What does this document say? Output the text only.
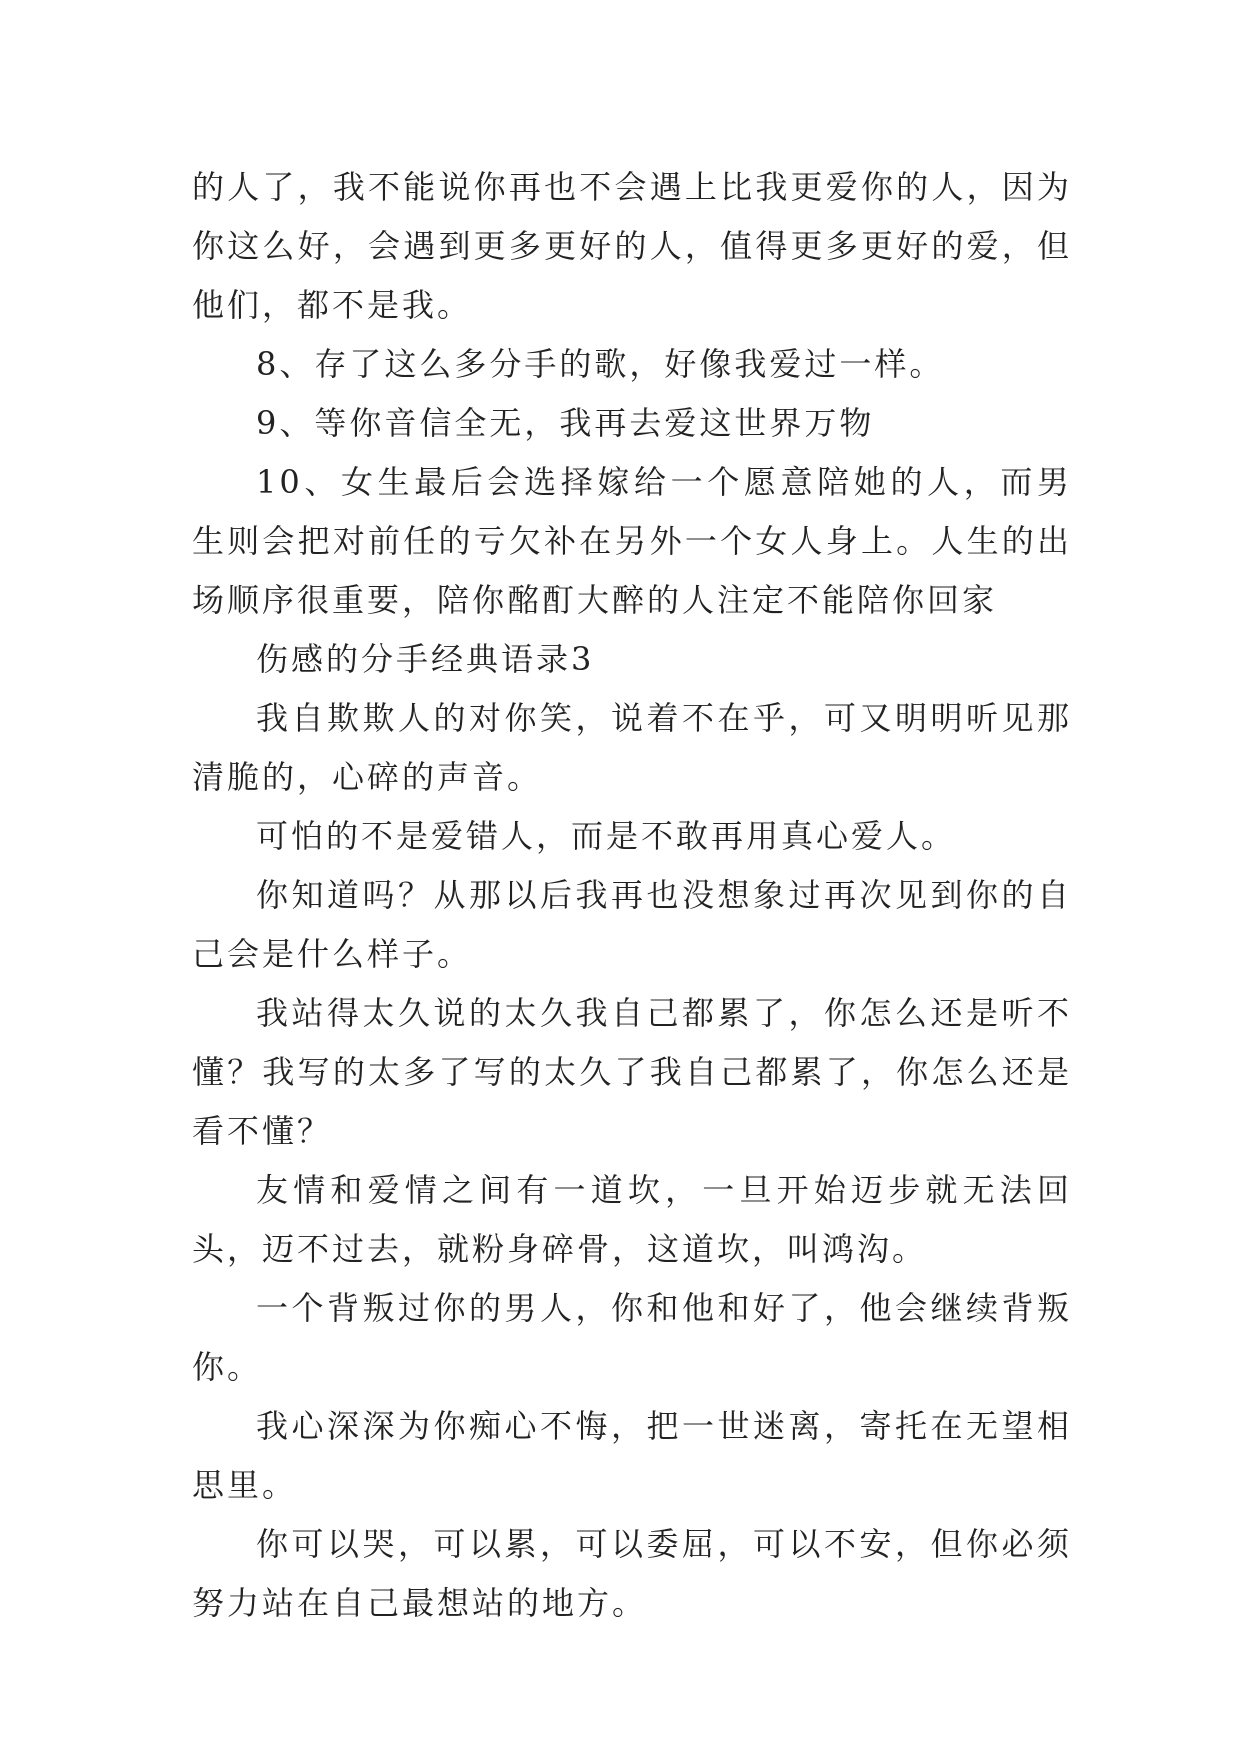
的人了，我不能说你再也不会遇上比我更爱你的人，因为你这么好，会遇到更多更好的人，值得更多更好的爱，但他们，都不是我。

8、存了这么多分手的歌，好像我爱过一样。

9、等你音信全无，我再去爱这世界万物

10、女生最后会选择嫁给一个愿意陪她的人，而男生则会把对前任的亏欠补在另外一个女人身上。人生的出场顺序很重要，陪你酩酊大醉的人注定不能陪你回家

伤感的分手经典语录3

我自欺欺人的对你笑，说着不在乎，可又明明听见那清脆的，心碎的声音。

可怕的不是爱错人，而是不敢再用真心爱人。

你知道吗？从那以后我再也没想象过再次见到你的自己会是什么样子。

我站得太久说的太久我自己都累了，你怎么还是听不懂？我写的太多了写的太久了我自己都累了，你怎么还是看不懂？

友情和爱情之间有一道坎，一旦开始迈步就无法回头，迈不过去，就粉身碎骨，这道坎，叫鸿沟。

一个背叛过你的男人，你和他和好了，他会继续背叛你。

我心深深为你痴心不悔，把一世迷离，寄托在无望相思里。

你可以哭，可以累，可以委屈，可以不安，但你必须努力站在自己最想站的地方。
